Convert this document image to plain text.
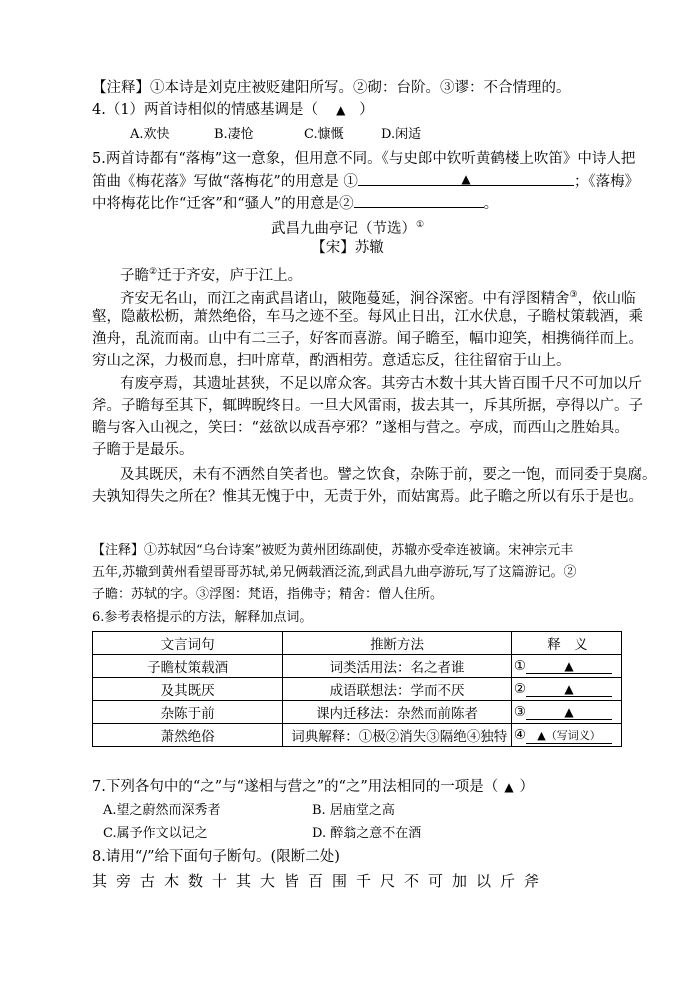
【注释】①本诗是刘克庄被贬建阳所写。②砌：台阶。③谬：不合情理的。
4.（1）两首诗相似的情感基调是（ ▲ ）
A.欢快	B.凄怆	C.慷慨	D.闲适
5.两首诗都有“落梅”这一意象，但用意不同。《与史郎中钦听黄鹤楼上吹笛》中诗人把
笛曲《梅花落》写做“落梅花”的用意是 ①	▲	；《落梅》
中将梅花比作“迁客”和“骚人”的用意是②	。
武昌九曲亭记（节选）①
【宋】苏辙
子瞻②迁于齐安，庐于江上。
齐安无名山，而江之南武昌诸山，陂陁蔓延，涧谷深密。中有浮图精舍③，依山临
壑，隐蔽松枥，萧然绝俗，车马之迹不至。每风止日出，江水伏息，子瞻杖策载酒，乘
渔舟，乱流而南。山中有二三子，好客而喜游。闻子瞻至，幅巾迎笑，相携徜徉而上。
穷山之深，力极而息，扫叶席草，酌酒相劳。意适忘反，往往留宿于山上。
有废亭焉，其遗址甚狭，不足以席众客。其旁古木数十其大皆百围千尺不可加以斤
斧。子瞻每至其下，辄睥睨终日。一旦大风雷雨，拔去其一，斥其所据，亭得以广。子
瞻与客入山视之，笑曰：“兹欲以成吾亭邪？”遂相与营之。亭成，而西山之胜始具。
子瞻于是最乐。
及其既厌，未有不洒然自笑者也。譬之饮食，杂陈于前，要之一饱，而同委于臭腐。
夫孰知得失之所在？惟其无愧于中，无责于外，而姑寓焉。此子瞻之所以有乐于是也。
【注释】①苏轼因“乌台诗案”被贬为黄州团练副使，苏辙亦受牵连被谪。宋神宗元丰
五年,苏辙到黄州看望哥哥苏轼,弟兄俩载酒泛流,到武昌九曲亭游玩,写了这篇游记。②
子瞻：苏轼的字。③浮图：梵语，指佛寺；精舍：僧人住所。
6.参考表格提示的方法，解释加点词。
文言词句	推断方法	释　义
子瞻杖策载酒	词类活用法：名之者谁	① ▲
及其既厌	成语联想法：学而不厌	② ▲
杂陈于前	课内迁移法：杂然而前陈者	③ ▲
萧然绝俗	词典解释：①极②消失③隔绝④独特	④ ▲（写词义）
7.下列各句中的“之”与“遂相与营之”的“之”用法相同的一项是（ ▲ ）
A.望之蔚然而深秀者	B. 居庙堂之高
C.属予作文以记之	D. 醉翁之意不在酒
8.请用“/”给下面句子断句。(限断二处)
其旁古木数十其大皆百围千尺不可加以斤斧
